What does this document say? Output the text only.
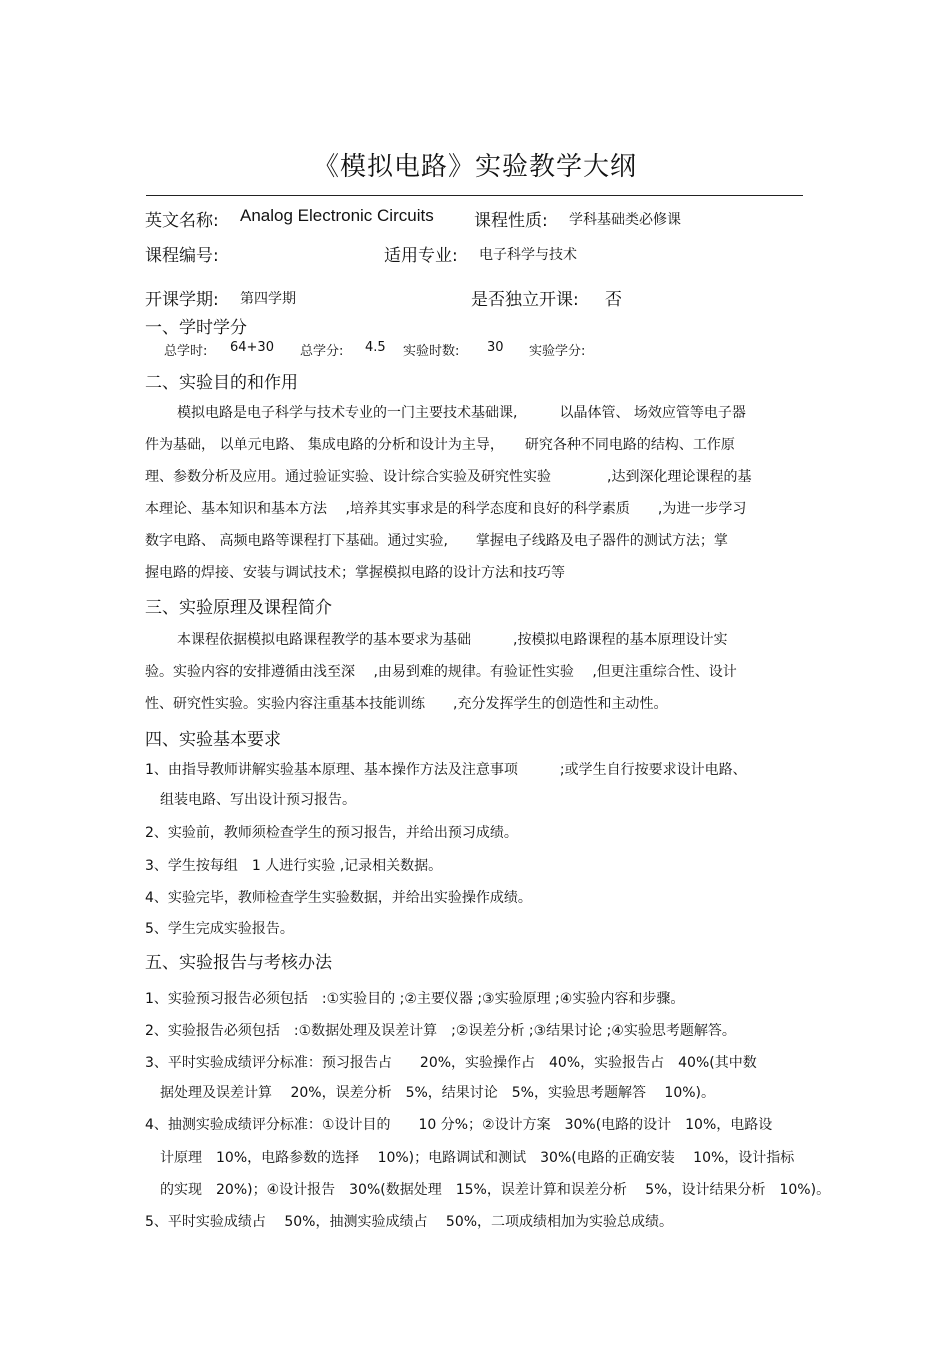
《模拟电路》实验教学大纲
英文名称: Analog Electronic Circuits 课程性质: 学科基础类必修课
课程编号:	适用专业: 电子科学与技术
开课学期: 第四学期	是否独立开课: 否
一、学时学分
总学时: 64+30 总学分: 4.5 实验时数: 30 实验学分:
二、实验目的和作用
模拟电路是电子科学与技术专业的一门主要技术基础课,　　　以晶体管、 场效应管等电子器
件为基础， 以单元电路、 集成电路的分析和设计为主导，　　研究各种不同电路的结构、工作原
理、参数分析及应用。通过验证实验、设计综合实验及研究性实验　　　　,达到深化理论课程的基
本理论、基本知识和基本方法　 ,培养其实事求是的科学态度和良好的科学素质　　,为进一步学习
数字电路、 高频电路等课程打下基础。通过实验,　　掌握电子线路及电子器件的测试方法；掌
握电路的焊接、安装与调试技术；掌握模拟电路的设计方法和技巧等
三、实验原理及课程简介
本课程依据模拟电路课程教学的基本要求为基础　　　,按模拟电路课程的基本原理设计实
验。实验内容的安排遵循由浅至深　 ,由易到难的规律。有验证性实验　 ,但更注重综合性、设计
性、研究性实验。实验内容注重基本技能训练　　,充分发挥学生的创造性和主动性。
四、实验基本要求
1、由指导教师讲解实验基本原理、基本操作方法及注意事项　　　;或学生自行按要求设计电路、
组装电路、写出设计预习报告。
2、实验前，教师须检查学生的预习报告，并给出预习成绩。
3、学生按每组　1 人进行实验 ,记录相关数据。
4、实验完毕，教师检查学生实验数据，并给出实验操作成绩。
5、学生完成实验报告。
五、实验报告与考核办法
1、实验预习报告必须包括　:①实验目的 ;②主要仪器 ;③实验原理 ;④实验内容和步骤。
2、实验报告必须包括　:①数据处理及误差计算　;②误差分析 ;③结果讨论 ;④实验思考题解答。
3、平时实验成绩评分标准：预习报告占　　20%，实验操作占　40%，实验报告占　40%(其中数
据处理及误差计算　 20%，误差分析　5%，结果讨论　5%，实验思考题解答　 10%)。
4、抽测实验成绩评分标准：①设计目的　　10 分%；②设计方案　30%(电路的设计　10%，电路设
计原理　10%，电路参数的选择　 10%)；电路调试和测试　30%(电路的正确安装　 10%，设计指标
的实现　20%)；④设计报告　30%(数据处理　15%，误差计算和误差分析　 5%，设计结果分析　10%)。
5、平时实验成绩占　 50%，抽测实验成绩占　 50%，二项成绩相加为实验总成绩。
